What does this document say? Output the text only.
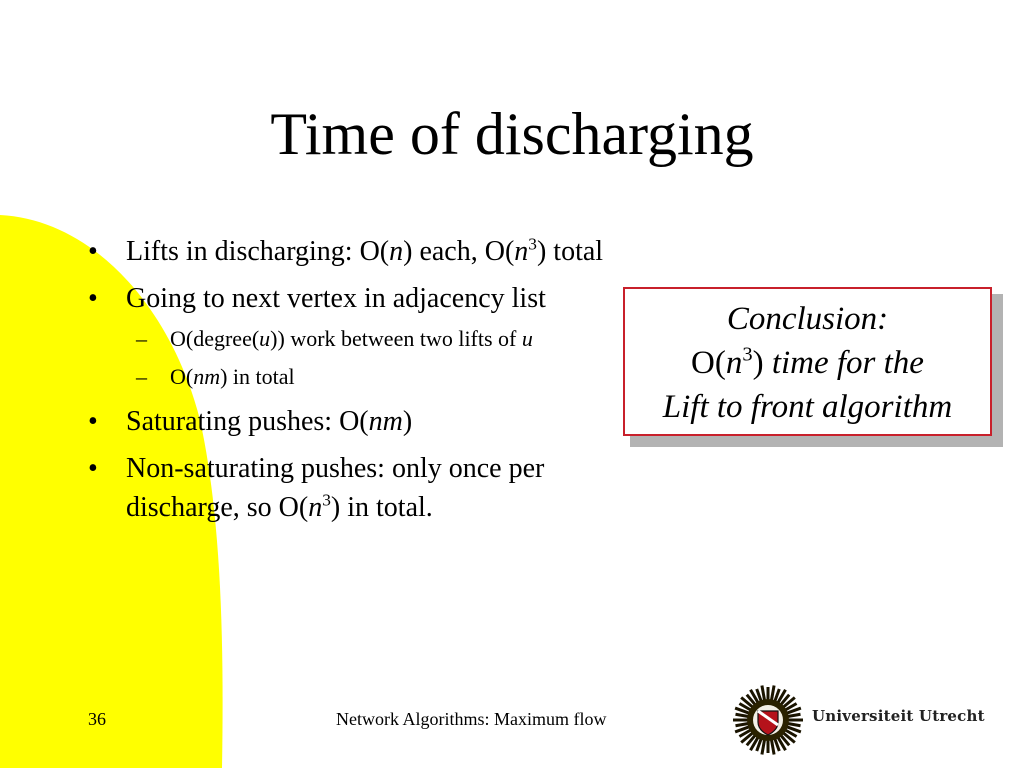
Time of discharging
• Lifts in discharging: O(n) each, $O(n^3)$ total
• Going to next vertex in adjacency list
– O(degree(u)) work between two lifts of u
– O(nm) in total
• Saturating pushes: O(nm)
• Non-saturating pushes: only once per discharge, so $O(n^3)$ in total.
Conclusion:
$O(n^3)$ time for the
Lift to front algorithm
36	Network Algorithms: Maximum flow	Universiteit Utrecht
